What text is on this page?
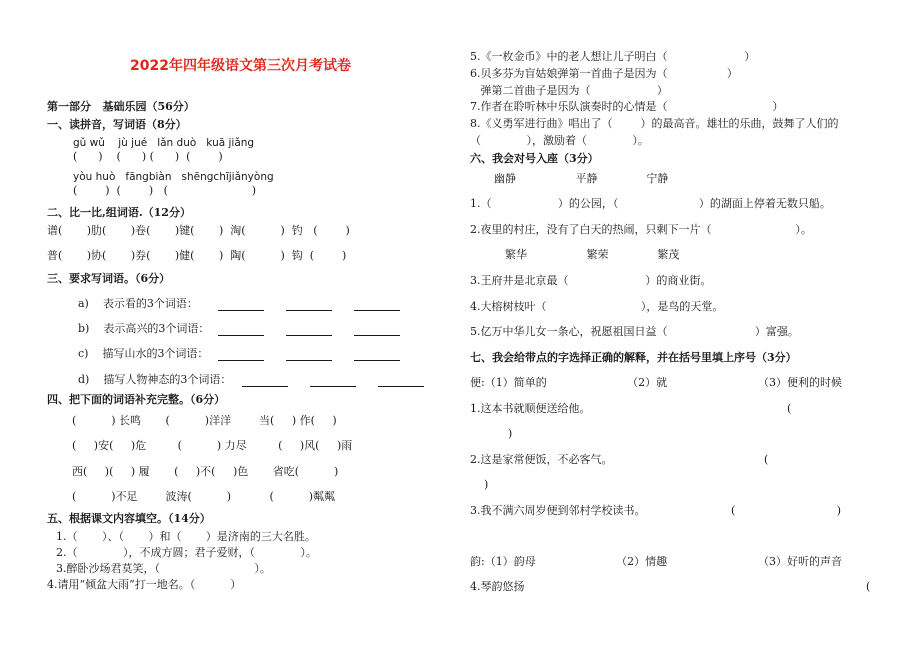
2022年四年级语文第三次月考试卷
第一部分   基础乐园（56分）
一、读拼音，写词语（8分）
gǔ wǔ    jù jué   lǎn duò   kuā jiǎng
(      )    (      ) (      )  (        )
yòu huò   fāngbiàn   shēngchījiǎnyòng
(        )  (        )   (                        )
二、比一比,组词语.（12分）
谱(       )肋(       )卷(       )键(       )  淘(          )  钓   (        )
普(       )协(       )券(       )健(       )  陶(          )  钩  (        )
三、要求写词语。（6分）
a)    表示看的3个词语：
b)    表示高兴的3个词语：
c)    描写山水的3个词语：
d)    描写人物神态的3个词语：
四、把下面的词语补充完整。（6分）
(          ) 长鸣       (          )洋洋        当(     ) 作(     )
(     )安(     )危         (          ) 力尽         (     )风(     )雨
西(     )(     ) 履       (     )不(     )色       省吃(          )
(          )不足        波涛(          )           (          )粼粼
五、根据课文内容填空。（14分）
1.（       ）、（       ）和（       ）是济南的三大名胜。
2.（             ），不成方圆；君子爱财，（             ）。
3.醉卧沙场君莫笑，（                           ）。
4.请用“倾盆大雨”打一地名。（          ）
5.《一枚金币》中的老人想让儿子明白（                      ）
6.贝多芬为盲姑娘弹第一首曲子是因为（                 ）
弹第二首曲子是因为（                   ）
7.作者在聆听林中乐队演奏时的心情是（                              ）
8.《义勇军进行曲》唱出了（        ）的最高音。雄壮的乐曲，鼓舞了人们的
（             ），激励着（             ）。
六、我会对号入座（3分）
幽静                 平静              宁静
1.（                   ）的公园，（                       ）的湖面上停着无数只船。
2.夜里的村庄，没有了白天的热闹，只剩下一片（                        ）。
繁华                 繁荣              繁茂
3.王府井是北京最（                      ）的商业街。
4.大榕树枝叶（                           ），是鸟的天堂。
5.亿万中华儿女一条心，祝愿祖国日益（                         ）富强。
七、我会给带点的字选择正确的解释，并在括号里填上序号（3分）
便:（1）简单的                       （2）就                          （3）便利的时候
1.这本书就顺便送给他。	(
)
2.这是家常便饭，不必客气。	(
)
3.我不满六周岁便到邻村学校读书。	(                             )
韵:（1）韵母                       （2）情趣                          （3）好听的声音
4.琴韵悠扬	(
